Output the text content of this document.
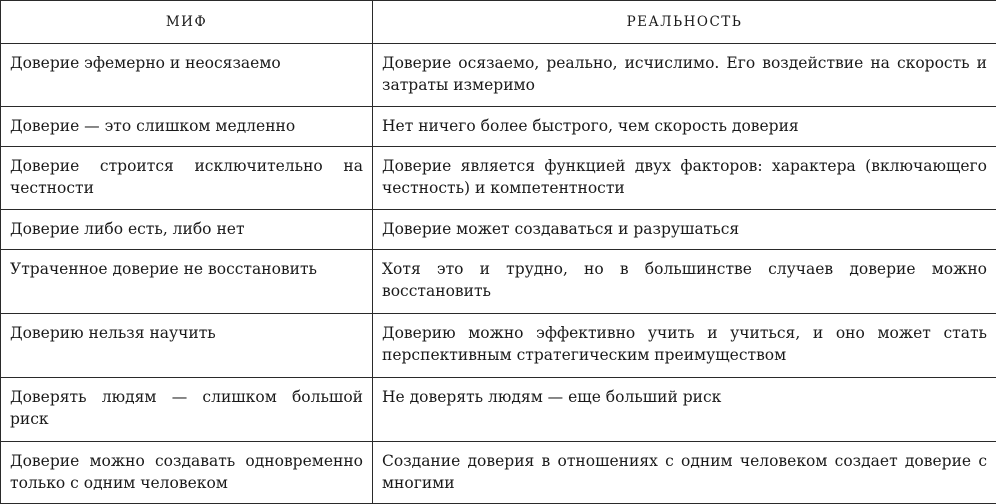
МИФ	РЕАЛЬНОСТЬ
Доверие эфемерно и неосязаемо	Доверие осязаемо, реально, исчислимо. Его воздействие на скорость и затраты измеримо
Доверие — это слишком медленно	Нет ничего более быстрого, чем скорость доверия
Доверие строится исключительно на честности	Доверие является функцией двух факторов: характера (включающего честность) и компетентности
Доверие либо есть, либо нет	Доверие может создаваться и разрушаться
Утраченное доверие не восстановить	Хотя это и трудно, но в большинстве случаев доверие можно восстановить
Доверию нельзя научить	Доверию можно эффективно учить и учиться, и оно может стать перспективным стратегическим преимуществом
Доверять людям — слишком большой риск	Не доверять людям — еще больший риск
Доверие можно создавать одновременно только с одним человеком	Создание доверия в отношениях с одним человеком создает доверие с многими
